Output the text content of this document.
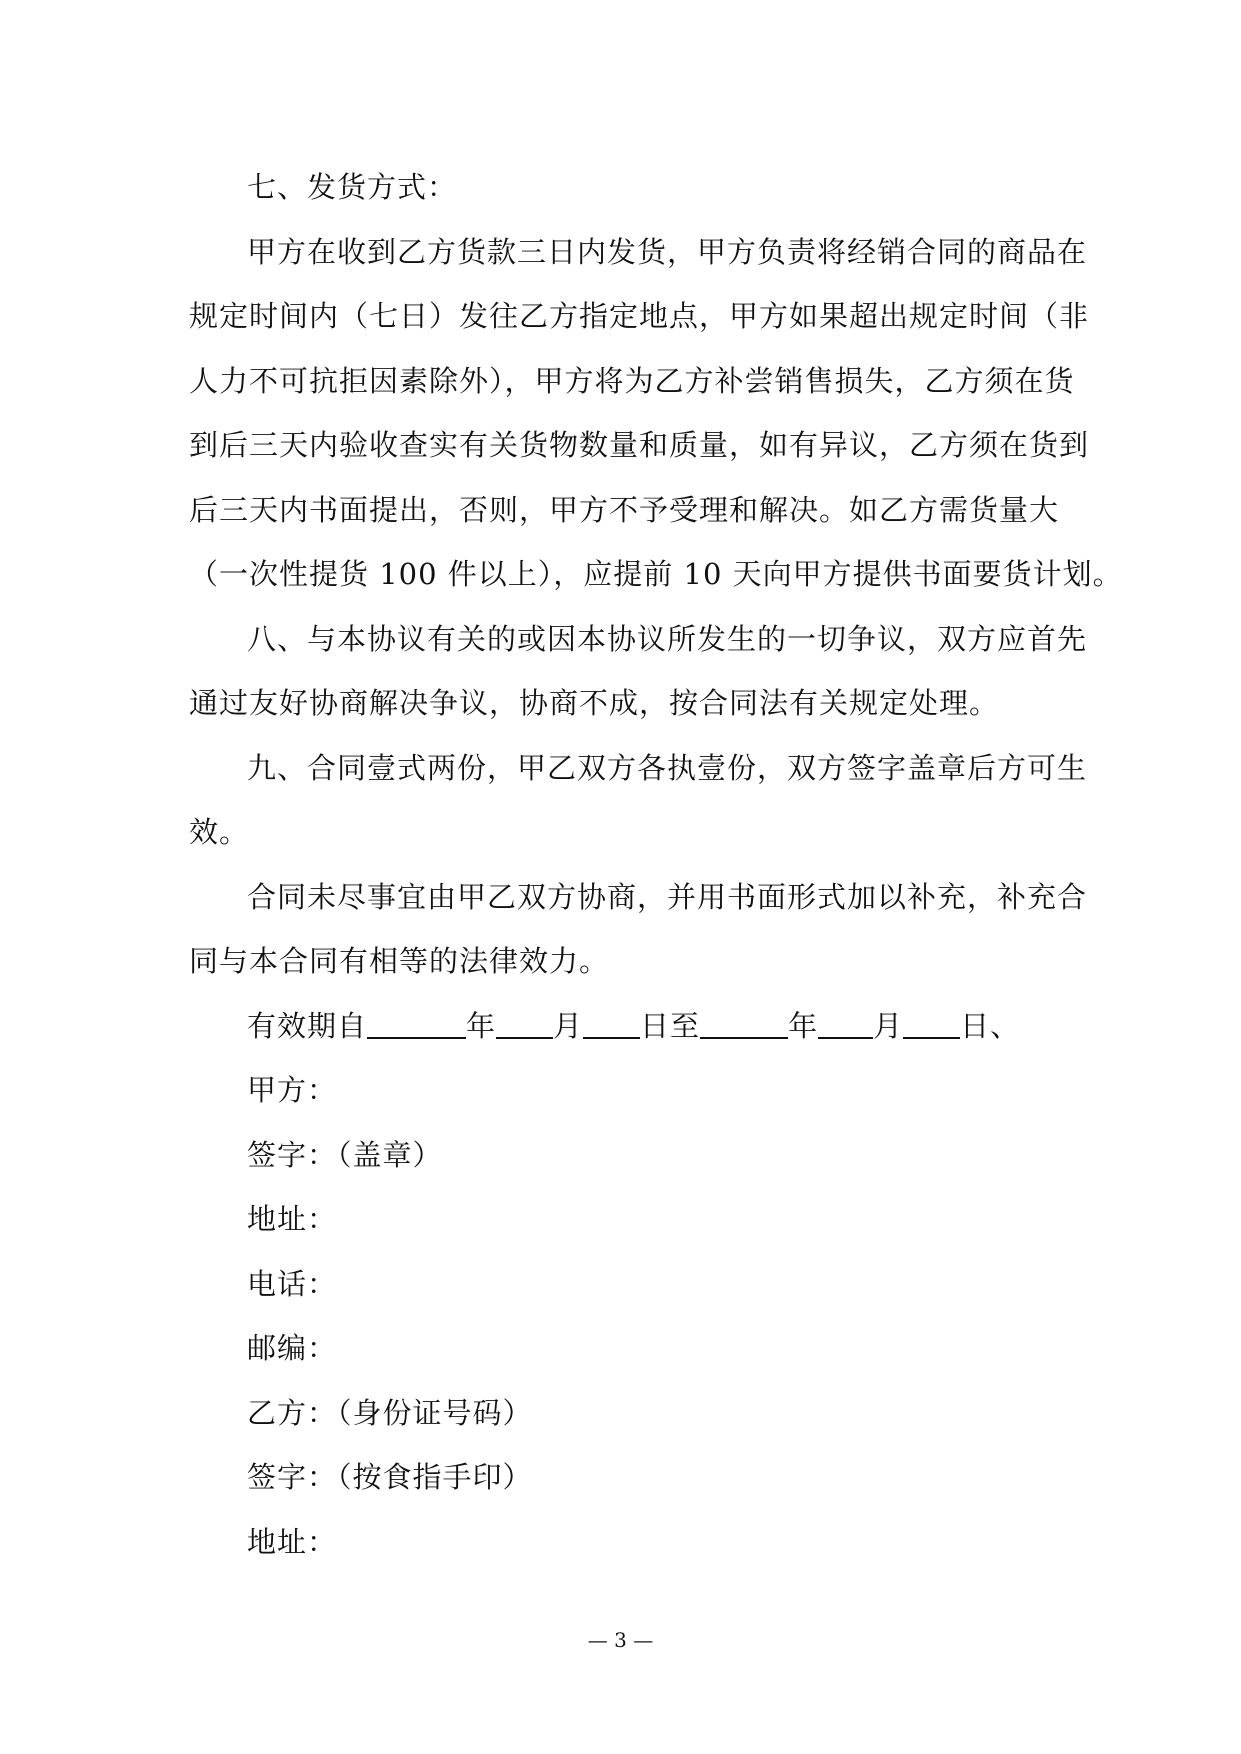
七、发货方式：
甲方在收到乙方货款三日内发货，甲方负责将经销合同的商品在
规定时间内（七日）发往乙方指定地点，甲方如果超出规定时间（非
人力不可抗拒因素除外），甲方将为乙方补尝销售损失，乙方须在货
到后三天内验收查实有关货物数量和质量，如有异议，乙方须在货到
后三天内书面提出，否则，甲方不予受理和解决。如乙方需货量大
（一次性提货 100 件以上），应提前 10 天向甲方提供书面要货计划。
八、与本协议有关的或因本协议所发生的一切争议，双方应首先
通过友好协商解决争议，协商不成，按合同法有关规定处理。
九、合同壹式两份，甲乙双方各执壹份，双方签字盖章后方可生
效。
合同未尽事宜由甲乙双方协商，并用书面形式加以补充，补充合
同与本合同有相等的法律效力。
有效期自	年 月 日至	年 月 日、
甲方：
签字：（盖章）
地址：
电话：
邮编：
乙方：（身份证号码）
签字：（按食指手印）
地址：
— 3 —
